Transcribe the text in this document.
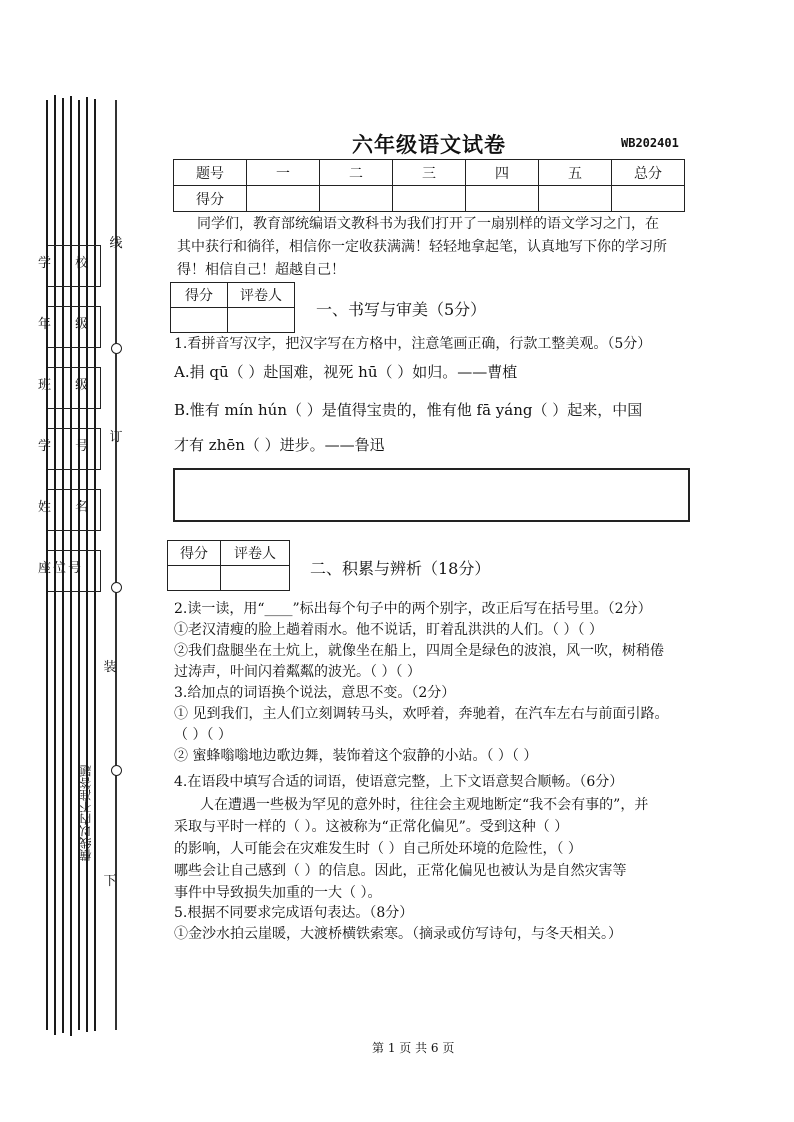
学 校
年 级
班 级
学 号
姓 名
座位号
线
订
装
下
横线以内不准答题
六年级语文试卷	WB202401
题号	一	二	三	四	五	总分
得分						
同学们，教育部统编语文教科书为我们打开了一扇别样的语文学习之门，在
其中获行和徜徉，相信你一定收获满满！轻轻地拿起笔，认真地写下你的学习所
得！相信自己！超越自己！
得分	评卷人

一、书写与审美（5分）
1.看拼音写汉字，把汉字写在方格中，注意笔画正确，行款工整美观。（5分）
A.捐 qū（ ）赴国难，视死 hū（ ）如归。——曹植
B.惟有 mín hún（ ）是值得宝贵的，惟有他 fā yáng（ ）起来，中国
才有 zhēn（ ）进步。——鲁迅
得分	评卷人

二、积累与辨析（18分）
2.读一读，用“____”标出每个句子中的两个别字，改正后写在括号里。（2分）
①老汉清瘦的脸上趟着雨水。他不说话，盯着乱洪洪的人们。（ ）（ ）
②我们盘腿坐在土炕上，就像坐在船上，四周全是绿色的波浪，风一吹，树稍倦
过涛声，叶间闪着粼粼的波光。（ ）（ ）
3.给加点的词语换个说法，意思不变。（2分）
① 见到我们，主人们立刻调转马头，欢呼着，奔驰着，在汽车左右与前面引路。
（ ）（ ）
② 蜜蜂嗡嗡地边歌边舞，装饰着这个寂静的小站。（ ）（ ）
4.在语段中填写合适的词语，使语意完整，上下文语意契合顺畅。（6分）
人在遭遇一些极为罕见的意外时，往往会主观地断定“我不会有事的”，并
采取与平时一样的（ ）。这被称为“正常化偏见”。受到这种（ ）
的影响，人可能会在灾难发生时（ ）自己所处环境的危险性，（ ）
哪些会让自己感到（ ）的信息。因此，正常化偏见也被认为是自然灾害等
事件中导致损失加重的一大（ ）。
5.根据不同要求完成语句表达。（8分）
①金沙水拍云崖暖，大渡桥横铁索寒。（摘录或仿写诗句，与冬天相关。）
第 1 页 共 6 页
